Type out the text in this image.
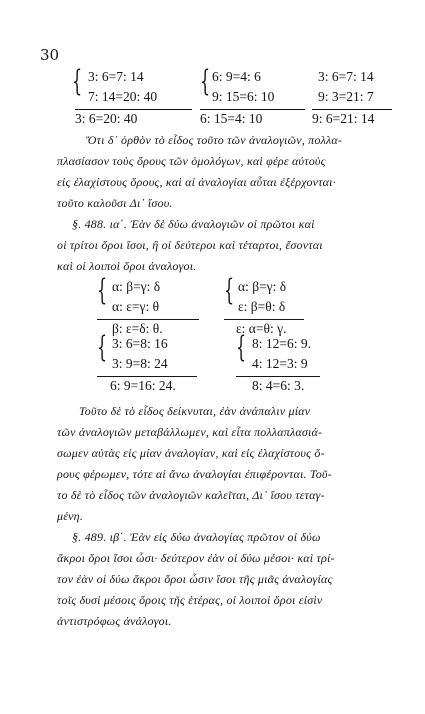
30
{ 3: 6=7: 14
7: 14=20: 40 { 6: 9=4: 6
9: 15=6: 10
3: 6=7: 14
9: 3=21: 7
3: 6=20: 40	6: 15=4: 10	9: 6=21: 14
Ὅτι δ᾽ ὀρθὸν τὸ εἶδος τοῦτο τῶν ἀναλογιῶν, πολλα-
πλασίασον τοὺς ὅρους τῶν ὁμολόγων, καὶ φέρε αὐτοὺς
εἰς ἐλαχίστους ὅρους, καὶ αἱ ἀναλογίαι αὗται ἐξέρχονται·
τοῦτο καλοῦσι Δι᾽ ἴσου.
§. 488. ια΄. Ἐὰν δὲ δύω ἀναλογιῶν οἱ πρῶτοι καὶ
οἱ τρίτοι ὅροι ἴσοι, ἢ οἱ δεύτεροι καὶ τέταρτοι, ἔσονται
καὶ οἱ λοιποὶ ὅροι ἀναλογοι.
{ α: β=γ: δ
α: ε=γ: θ
β: ε=δ: θ.
{ α: β=γ: δ
ε: β=θ: δ
ε: α=θ: γ.
{ 3: 6=8: 16
3: 9=8: 24
6: 9=16: 24.
{ 8: 12=6: 9.
4: 12=3: 9
8: 4=6: 3.
Τοῦτο δὲ τὸ εἶδος δείκνυται, ἐὰν ἀνάπαλιν μίαν
τῶν ἀναλογιῶν μεταβάλλωμεν, καὶ εἶτα πολλαπλασιά-
σωμεν αὐτὰς εἰς μίαν ἀναλογίαν, καὶ εἰς ἐλαχίστους ὅ-
ρους φέρωμεν, τότε αἱ ἄνω ἀναλογίαι ἐπιφέρονται. Τοῦ-
το δὲ τὸ εἶδος τῶν ἀναλογιῶν καλεῖται, Δι᾽ ἴσου τεταγ-
μένη.
§. 489. ιβ΄. Ἐὰν εἰς δύω ἀναλογίας πρῶτον οἱ δύω
ἄκροι ὅροι ἴσοι ὦσι· δεύτερον ἐὰν οἱ δύω μέσοι· καὶ τρί-
τον ἐὰν οἱ δύω ἄκροι ὅροι ὦσιν ἴσοι τῆς μιᾶς ἀναλογίας
τοῖς δυσὶ μέσοις ὅροις τῆς ἑτέρας, οἱ λοιποὶ ὅροι εἰσὶν
ἀντιστρόφως ἀνάλογοι.
